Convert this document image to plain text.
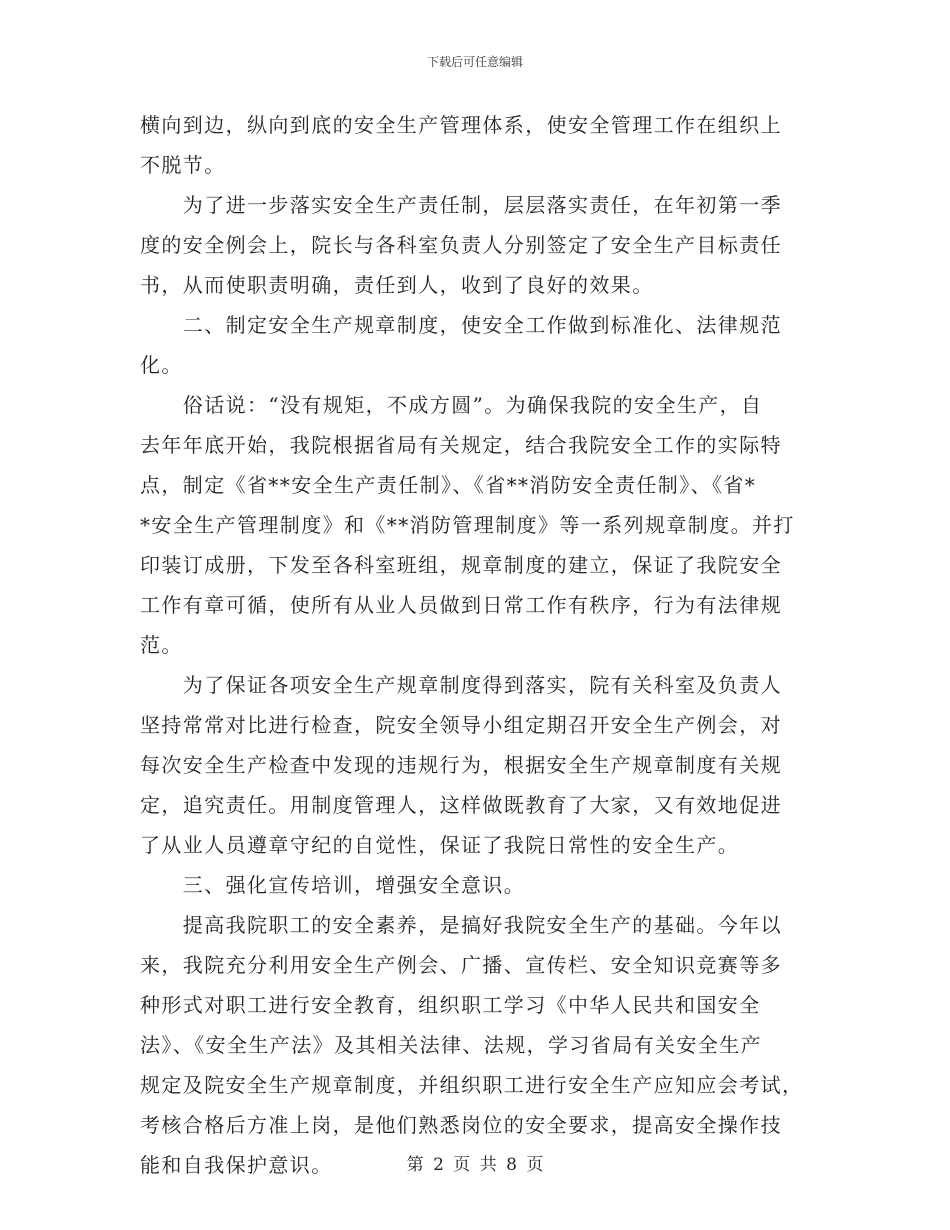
下载后可任意编辑
横向到边，纵向到底的安全生产管理体系，使安全管理工作在组织上
不脱节。
　　为了进一步落实安全生产责任制，层层落实责任，在年初第一季
度的安全例会上，院长与各科室负责人分别签定了安全生产目标责任
书，从而使职责明确，责任到人，收到了良好的效果。
　　二、制定安全生产规章制度，使安全工作做到标准化、法律规范
化。
　　俗话说：“没有规矩，不成方圆”。为确保我院的安全生产，自
去年年底开始，我院根据省局有关规定，结合我院安全工作的实际特
点，制定《省**安全生产责任制》、《省**消防安全责任制》、《省*
*安全生产管理制度》和《**消防管理制度》等一系列规章制度。并打
印装订成册，下发至各科室班组，规章制度的建立，保证了我院安全
工作有章可循，使所有从业人员做到日常工作有秩序，行为有法律规
范。
　　为了保证各项安全生产规章制度得到落实，院有关科室及负责人
坚持常常对比进行检查，院安全领导小组定期召开安全生产例会，对
每次安全生产检查中发现的违规行为，根据安全生产规章制度有关规
定，追究责任。用制度管理人，这样做既教育了大家，又有效地促进
了从业人员遵章守纪的自觉性，保证了我院日常性的安全生产。
　　三、强化宣传培训，增强安全意识。
　　提高我院职工的安全素养，是搞好我院安全生产的基础。今年以
来，我院充分利用安全生产例会、广播、宣传栏、安全知识竞赛等多
种形式对职工进行安全教育，组织职工学习《中华人民共和国安全
法》、《安全生产法》及其相关法律、法规，学习省局有关安全生产
规定及院安全生产规章制度，并组织职工进行安全生产应知应会考试，
考核合格后方准上岗，是他们熟悉岗位的安全要求，提高安全操作技
能和自我保护意识。	第 2 页 共 8 页
